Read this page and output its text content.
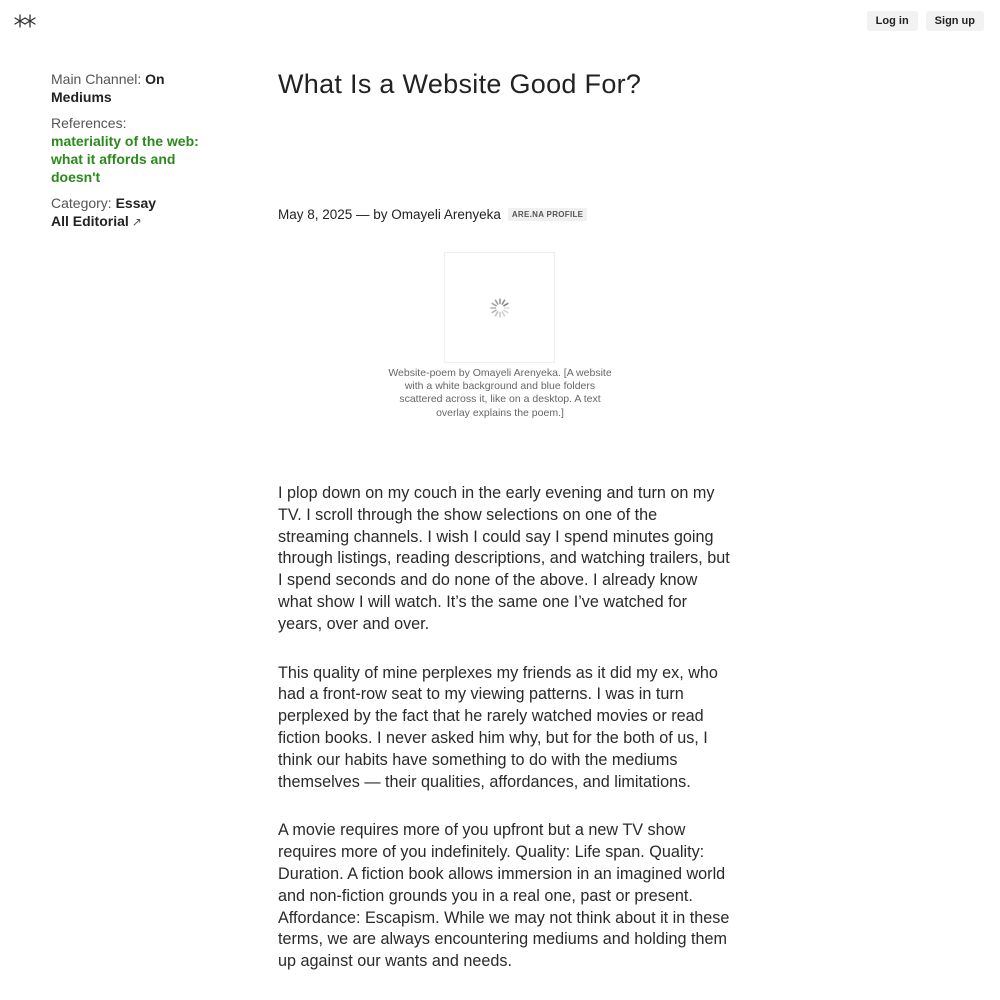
Log in	Sign up
Main Channel: On Mediums
References:
materiality of the web: what it affords and doesn't
Category: Essay
All Editorial ↗
What Is a Website Good For?
May 8, 2025 — by Omayeli Arenyeka	ARE.NA PROFILE

Website-poem by Omayeli Arenyeka. [A website with a white background and blue folders scattered across it, like on a desktop. A text overlay explains the poem.]

I plop down on my couch in the early evening and turn on my TV. I scroll through the show selections on one of the streaming channels. I wish I could say I spend minutes going through listings, reading descriptions, and watching trailers, but I spend seconds and do none of the above. I already know what show I will watch. It’s the same one I’ve watched for years, over and over.

This quality of mine perplexes my friends as it did my ex, who had a front-row seat to my viewing patterns. I was in turn perplexed by the fact that he rarely watched movies or read fiction books. I never asked him why, but for the both of us, I think our habits have something to do with the mediums themselves — their qualities, affordances, and limitations.

A movie requires more of you upfront but a new TV show requires more of you indefinitely. Quality: Life span. Quality: Duration. A fiction book allows immersion in an imagined world and non-fiction grounds you in a real one, past or present. Affordance: Escapism. While we may not think about it in these terms, we are always encountering mediums and holding them up against our wants and needs.
